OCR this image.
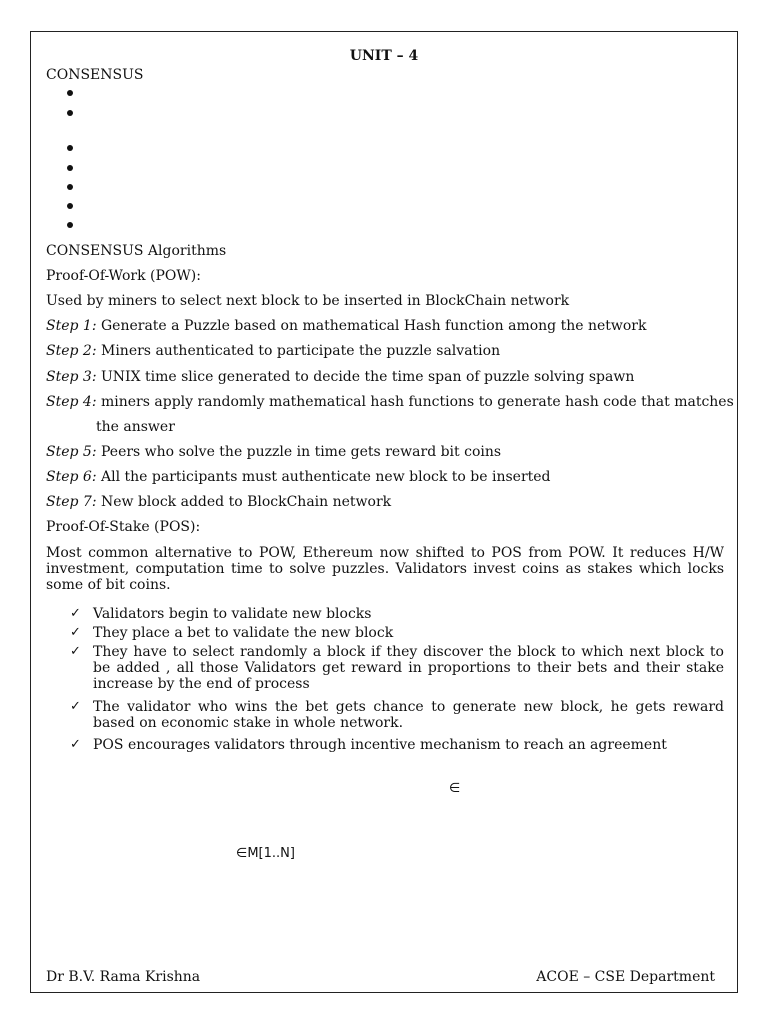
UNIT – 4
CONSENSUS
CONSENSUS Algorithms
Proof-Of-Work (POW):
Used by miners to select next block to be inserted in BlockChain network
Step 1: Generate a Puzzle based on mathematical Hash function among the network
Step 2: Miners authenticated to participate the puzzle salvation
Step 3: UNIX time slice generated to decide the time span of puzzle solving spawn
Step 4: miners apply randomly mathematical hash functions to generate hash code that matches
the answer
Step 5: Peers who solve the puzzle in time gets reward bit coins
Step 6: All the participants must authenticate new block to be inserted
Step 7: New block added to BlockChain network
Proof-Of-Stake (POS):
Most common alternative to POW, Ethereum now shifted to POS from POW. It reduces H/W investment, computation time to solve puzzles. Validators invest coins as stakes which locks some of bit coins.
✓ Validators begin to validate new blocks
✓ They place a bet to validate the new block
✓ They have to select randomly a block if they discover the block to which next block to be added , all those Validators get reward in proportions to their bets and their stake increase by the end of process
✓ The validator who wins the bet gets chance to generate new block, he gets reward based on economic stake in whole network.
✓ POS encourages validators through incentive mechanism to reach an agreement
∈
∈M[1..N]
Dr B.V. Rama Krishna	ACOE – CSE Department
